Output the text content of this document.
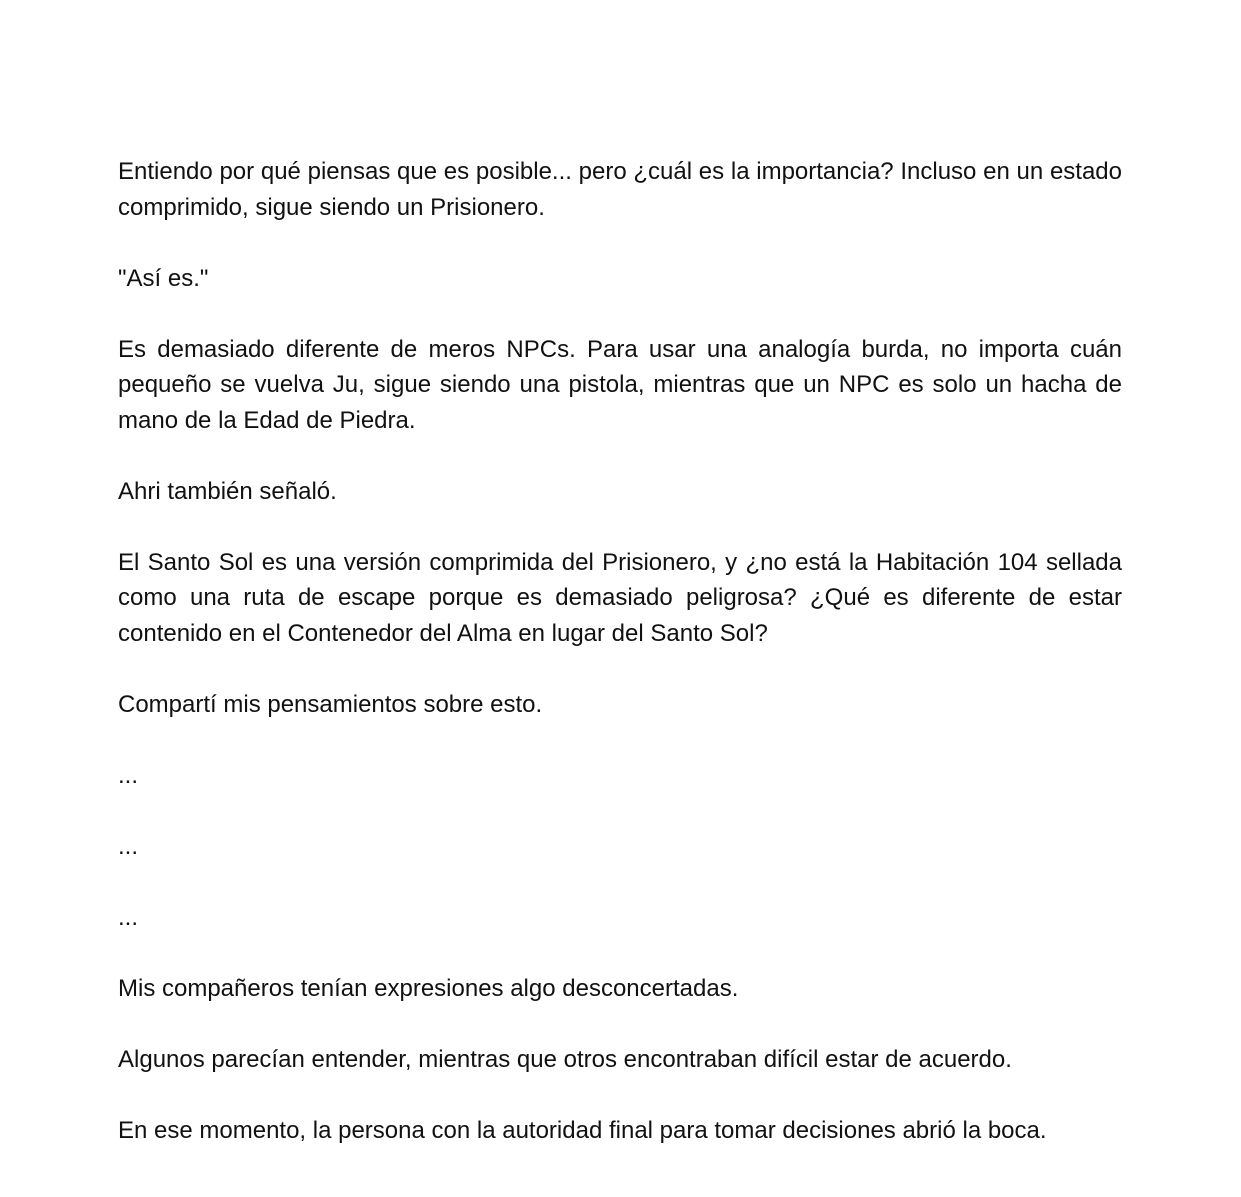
Entiendo por qué piensas que es posible... pero ¿cuál es la importancia? Incluso en un estado comprimido, sigue siendo un Prisionero.

"Así es."

Es demasiado diferente de meros NPCs. Para usar una analogía burda, no importa cuán pequeño se vuelva Ju, sigue siendo una pistola, mientras que un NPC es solo un hacha de mano de la Edad de Piedra.

Ahri también señaló.

El Santo Sol es una versión comprimida del Prisionero, y ¿no está la Habitación 104 sellada como una ruta de escape porque es demasiado peligrosa? ¿Qué es diferente de estar contenido en el Contenedor del Alma en lugar del Santo Sol?

Compartí mis pensamientos sobre esto.

...

...

...

Mis compañeros tenían expresiones algo desconcertadas.

Algunos parecían entender, mientras que otros encontraban difícil estar de acuerdo.

En ese momento, la persona con la autoridad final para tomar decisiones abrió la boca.
